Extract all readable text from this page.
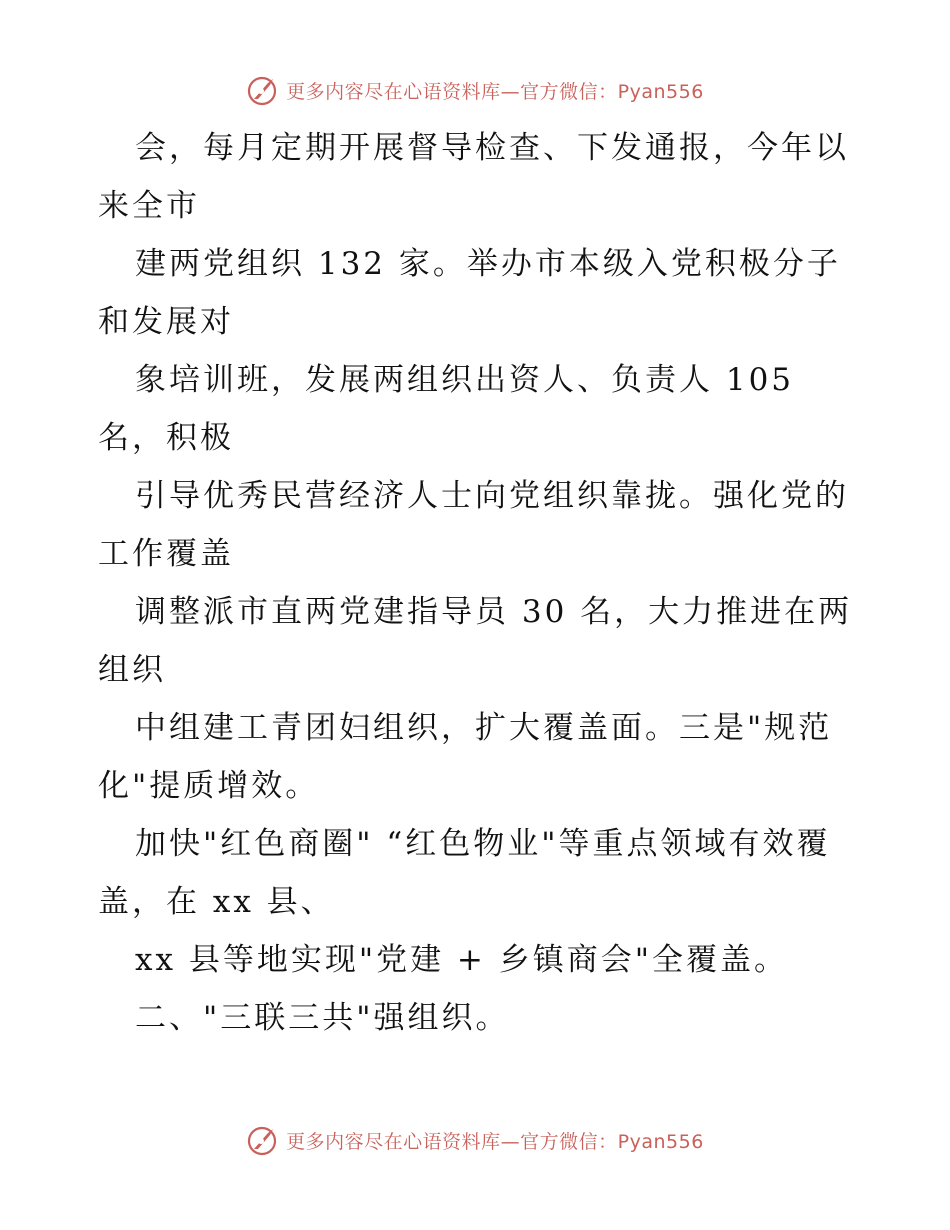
更多内容尽在心语资料库—官方微信：Pyan556
会，每月定期开展督导检查、下发通报，今年以
来全市
建两党组织 132 家。举办市本级入党积极分子
和发展对
象培训班，发展两组织出资人、负责人 105
名，积极
引导优秀民营经济人士向党组织靠拢。强化党的
工作覆盖
调整派市直两党建指导员 30 名，大力推进在两
组织
中组建工青团妇组织，扩大覆盖面。三是"规范
化"提质增效。
加快"红色商圈" “红色物业"等重点领域有效覆
盖，在 xx 县、
xx 县等地实现"党建 + 乡镇商会"全覆盖。
二、"三联三共"强组织。
更多内容尽在心语资料库—官方微信：Pyan556
